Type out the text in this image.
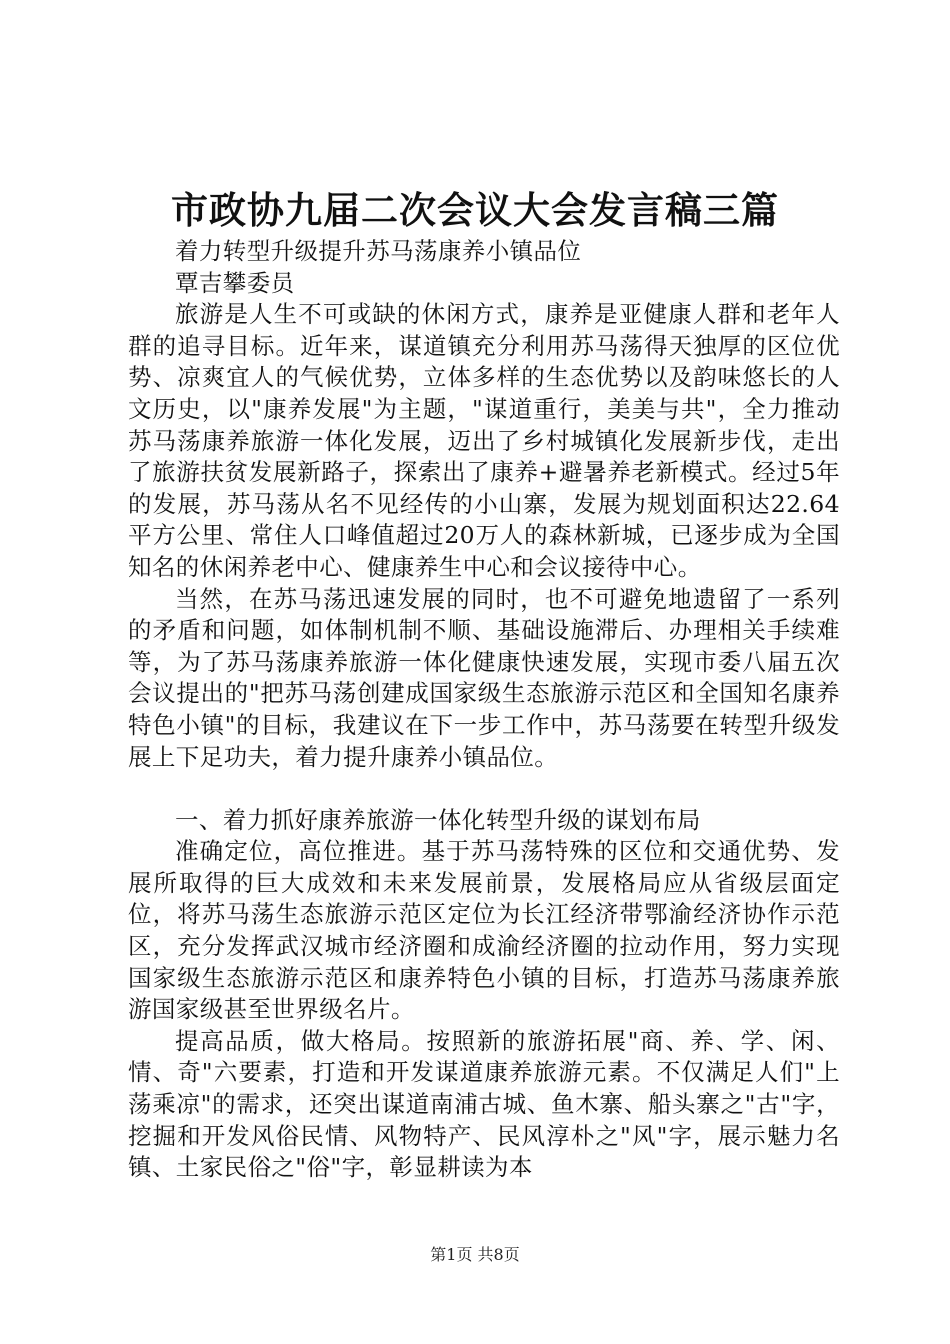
市政协九届二次会议大会发言稿三篇

着力转型升级提升苏马荡康养小镇品位

覃吉攀委员

旅游是人生不可或缺的休闲方式，康养是亚健康人群和老年人群的追寻目标。近年来，谋道镇充分利用苏马荡得天独厚的区位优势、凉爽宜人的气候优势，立体多样的生态优势以及韵味悠长的人文历史，以"康养发展"为主题，"谋道重行，美美与共"，全力推动苏马荡康养旅游一体化发展，迈出了乡村城镇化发展新步伐，走出了旅游扶贫发展新路子，探索出了康养+避暑养老新模式。经过5年的发展，苏马荡从名不见经传的小山寨，发展为规划面积达22.64平方公里、常住人口峰值超过20万人的森林新城，已逐步成为全国知名的休闲养老中心、健康养生中心和会议接待中心。

当然，在苏马荡迅速发展的同时，也不可避免地遗留了一系列的矛盾和问题，如体制机制不顺、基础设施滞后、办理相关手续难等，为了苏马荡康养旅游一体化健康快速发展，实现市委八届五次会议提出的"把苏马荡创建成国家级生态旅游示范区和全国知名康养特色小镇"的目标，我建议在下一步工作中，苏马荡要在转型升级发展上下足功夫，着力提升康养小镇品位。

一、着力抓好康养旅游一体化转型升级的谋划布局

准确定位，高位推进。基于苏马荡特殊的区位和交通优势、发展所取得的巨大成效和未来发展前景，发展格局应从省级层面定位，将苏马荡生态旅游示范区定位为长江经济带鄂渝经济协作示范区，充分发挥武汉城市经济圈和成渝经济圈的拉动作用，努力实现国家级生态旅游示范区和康养特色小镇的目标，打造苏马荡康养旅游国家级甚至世界级名片。

提高品质，做大格局。按照新的旅游拓展"商、养、学、闲、情、奇"六要素，打造和开发谋道康养旅游元素。不仅满足人们"上荡乘凉"的需求，还突出谋道南浦古城、鱼木寨、船头寨之"古"字，挖掘和开发风俗民情、风物特产、民风淳朴之"风"字，展示魅力名镇、土家民俗之"俗"字，彰显耕读为本

第1页 共8页
